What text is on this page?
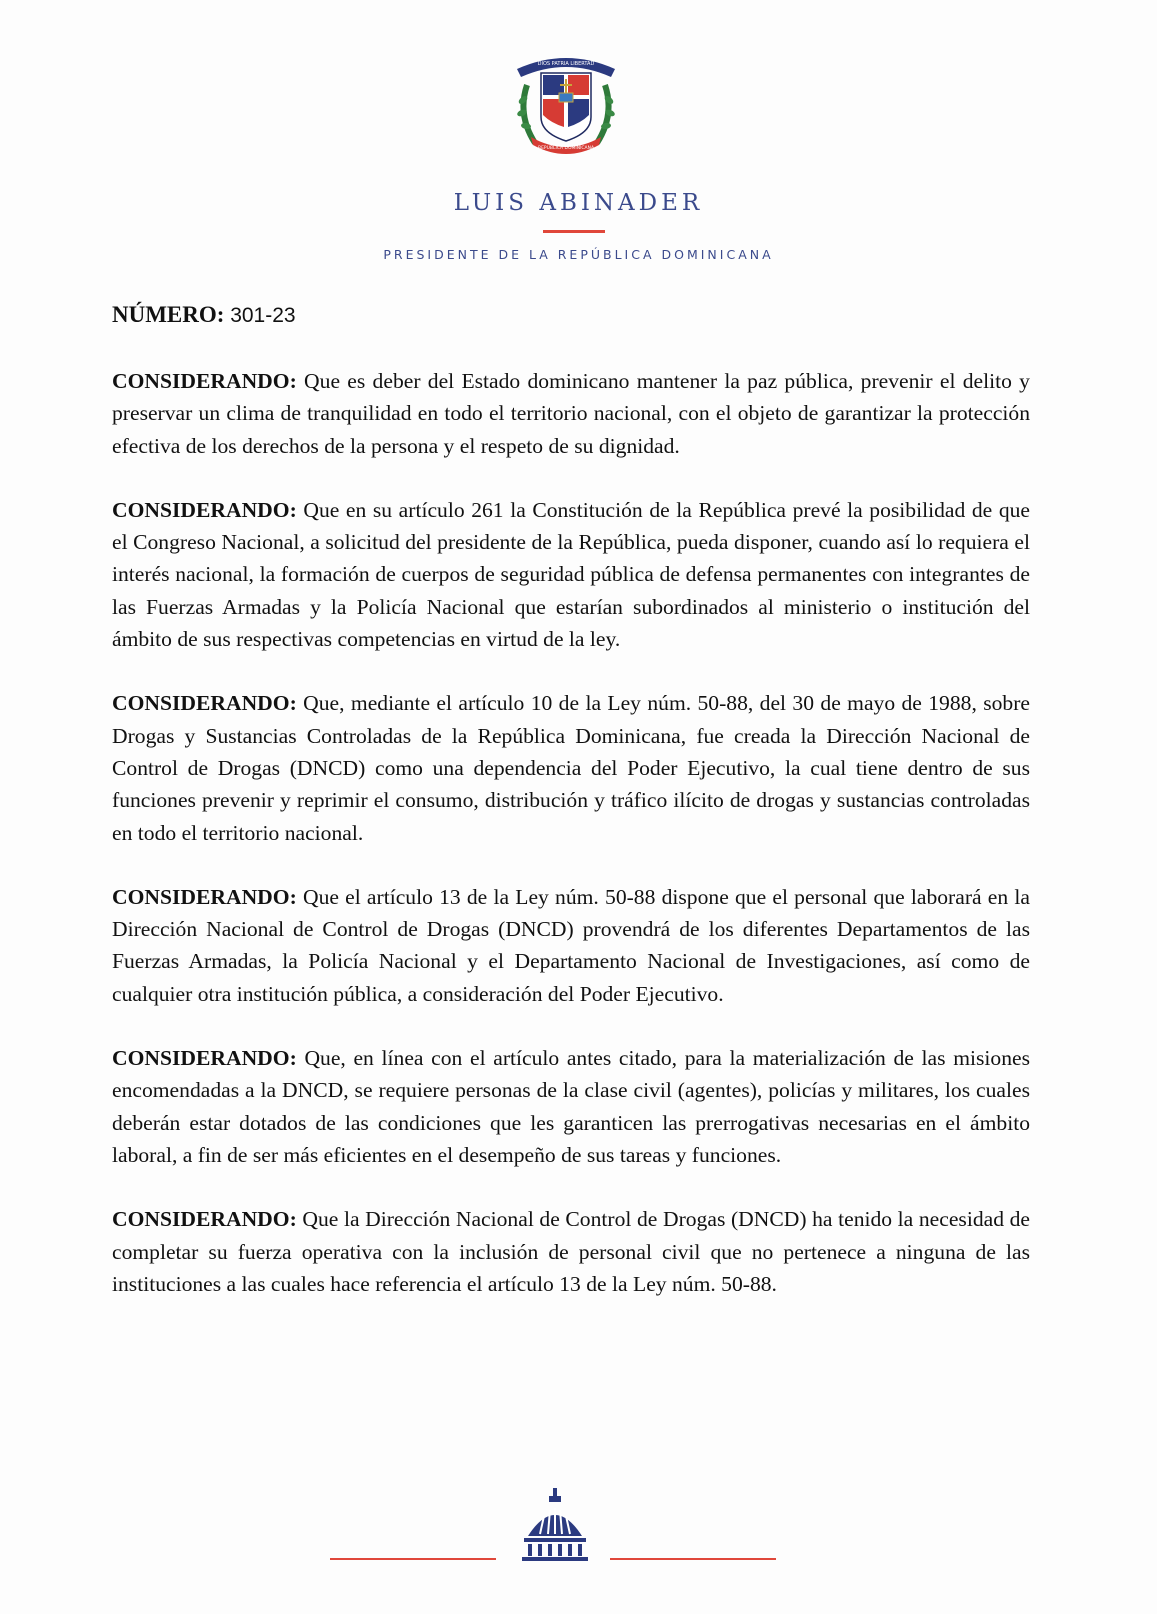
DIOS PATRIA LIBERTAD
REPUBLICA DOMINICANA
LUIS ABINADER
PRESIDENTE DE LA REPÚBLICA DOMINICANA
NÚMERO: 301-23

CONSIDERANDO: Que es deber del Estado dominicano mantener la paz pública, prevenir el delito y preservar un clima de tranquilidad en todo el territorio nacional, con el objeto de garantizar la protección efectiva de los derechos de la persona y el respeto de su dignidad.

CONSIDERANDO: Que en su artículo 261 la Constitución de la República prevé la posibilidad de que el Congreso Nacional, a solicitud del presidente de la República, pueda disponer, cuando así lo requiera el interés nacional, la formación de cuerpos de seguridad pública de defensa permanentes con integrantes de las Fuerzas Armadas y la Policía Nacional que estarían subordinados al ministerio o institución del ámbito de sus respectivas competencias en virtud de la ley.

CONSIDERANDO: Que, mediante el artículo 10 de la Ley núm. 50-88, del 30 de mayo de 1988, sobre Drogas y Sustancias Controladas de la República Dominicana, fue creada la Dirección Nacional de Control de Drogas (DNCD) como una dependencia del Poder Ejecutivo, la cual tiene dentro de sus funciones prevenir y reprimir el consumo, distribución y tráfico ilícito de drogas y sustancias controladas en todo el territorio nacional.

CONSIDERANDO: Que el artículo 13 de la Ley núm. 50-88 dispone que el personal que laborará en la Dirección Nacional de Control de Drogas (DNCD) provendrá de los diferentes Departamentos de las Fuerzas Armadas, la Policía Nacional y el Departamento Nacional de Investigaciones, así como de cualquier otra institución pública, a consideración del Poder Ejecutivo.

CONSIDERANDO: Que, en línea con el artículo antes citado, para la materialización de las misiones encomendadas a la DNCD, se requiere personas de la clase civil (agentes), policías y militares, los cuales deberán estar dotados de las condiciones que les garanticen las prerrogativas necesarias en el ámbito laboral, a fin de ser más eficientes en el desempeño de sus tareas y funciones.

CONSIDERANDO: Que la Dirección Nacional de Control de Drogas (DNCD) ha tenido la necesidad de completar su fuerza operativa con la inclusión de personal civil que no pertenece a ninguna de las instituciones a las cuales hace referencia el artículo 13 de la Ley núm. 50-88.
